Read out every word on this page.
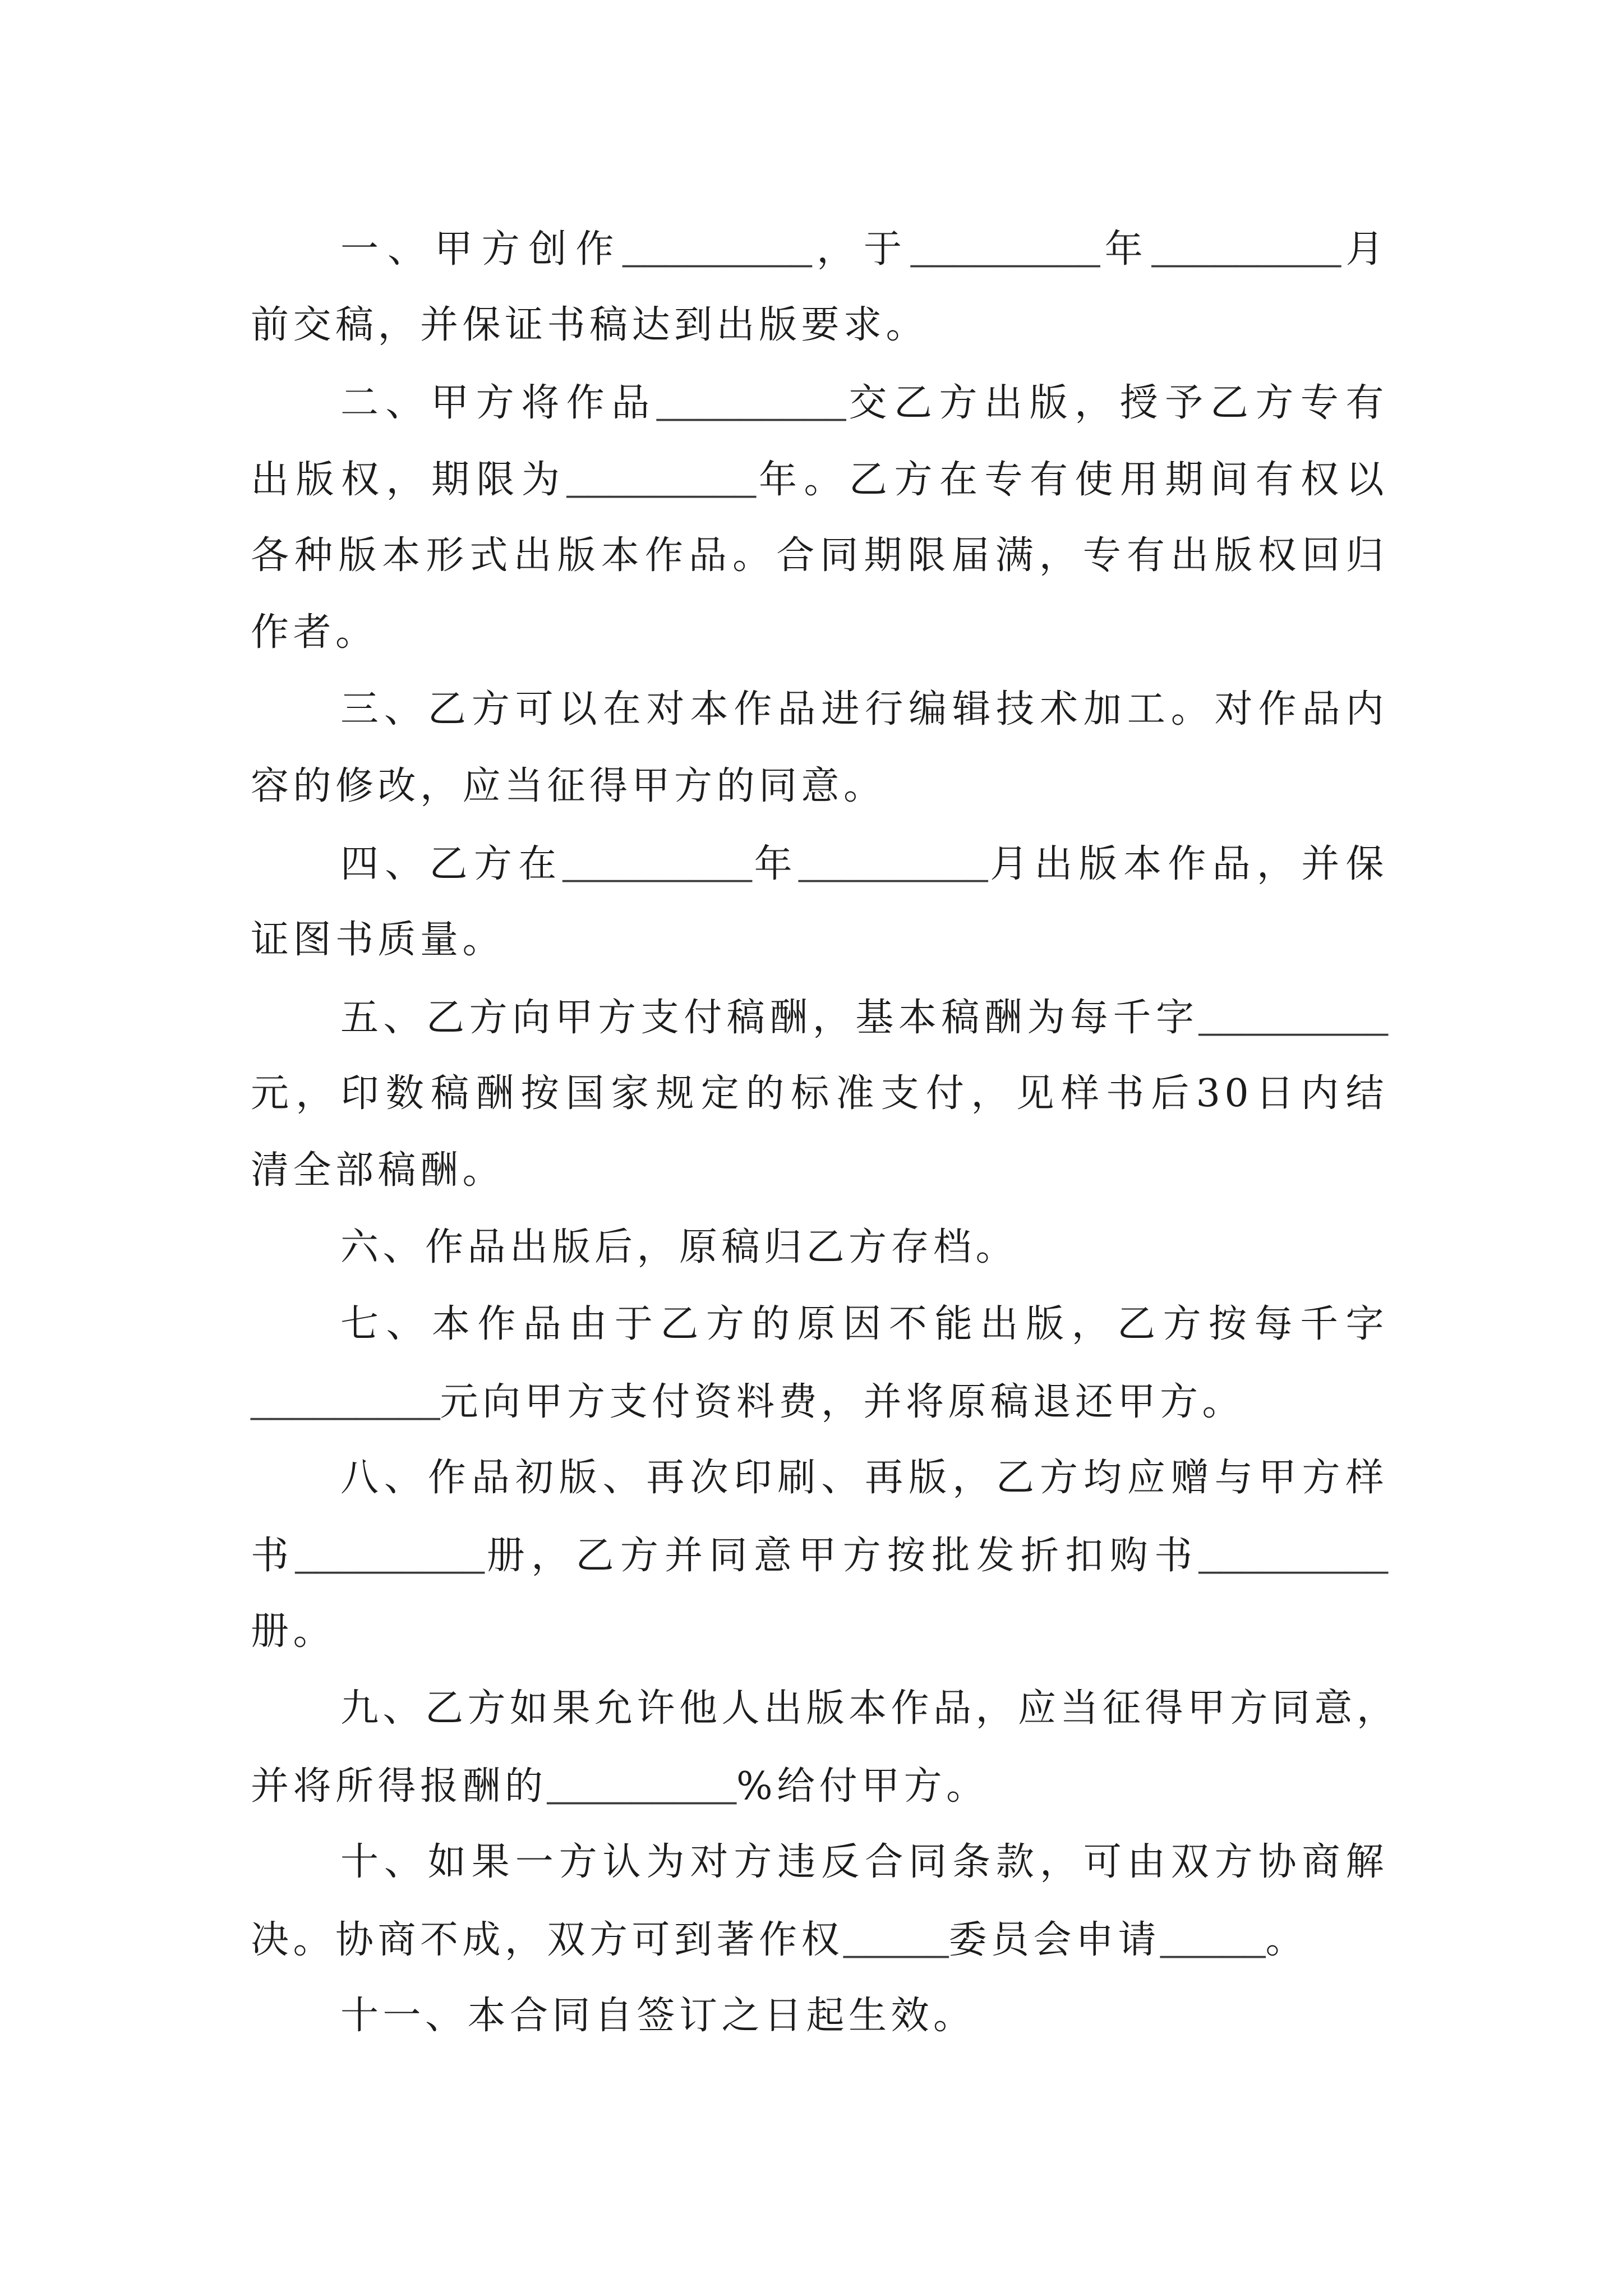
一、甲方创作_________，于_________年_________月
前交稿，并保证书稿达到出版要求。
二、甲方将作品_________交乙方出版，授予乙方专有
出版权，期限为_________年。乙方在专有使用期间有权以
各种版本形式出版本作品。合同期限届满，专有出版权回归
作者。
三、乙方可以在对本作品进行编辑技术加工。对作品内
容的修改，应当征得甲方的同意。
四、乙方在_________年_________月出版本作品，并保
证图书质量。
五、乙方向甲方支付稿酬，基本稿酬为每千字_________
元，印数稿酬按国家规定的标准支付，见样书后30日内结
清全部稿酬。
六、作品出版后，原稿归乙方存档。
七、本作品由于乙方的原因不能出版，乙方按每千字
_________元向甲方支付资料费，并将原稿退还甲方。
八、作品初版、再次印刷、再版，乙方均应赠与甲方样
书_________册，乙方并同意甲方按批发折扣购书_________
册。
九、乙方如果允许他人出版本作品，应当征得甲方同意，
并将所得报酬的_________%给付甲方。
十、如果一方认为对方违反合同条款，可由双方协商解
决。协商不成，双方可到著作权_____委员会申请_____。
十一、本合同自签订之日起生效。
